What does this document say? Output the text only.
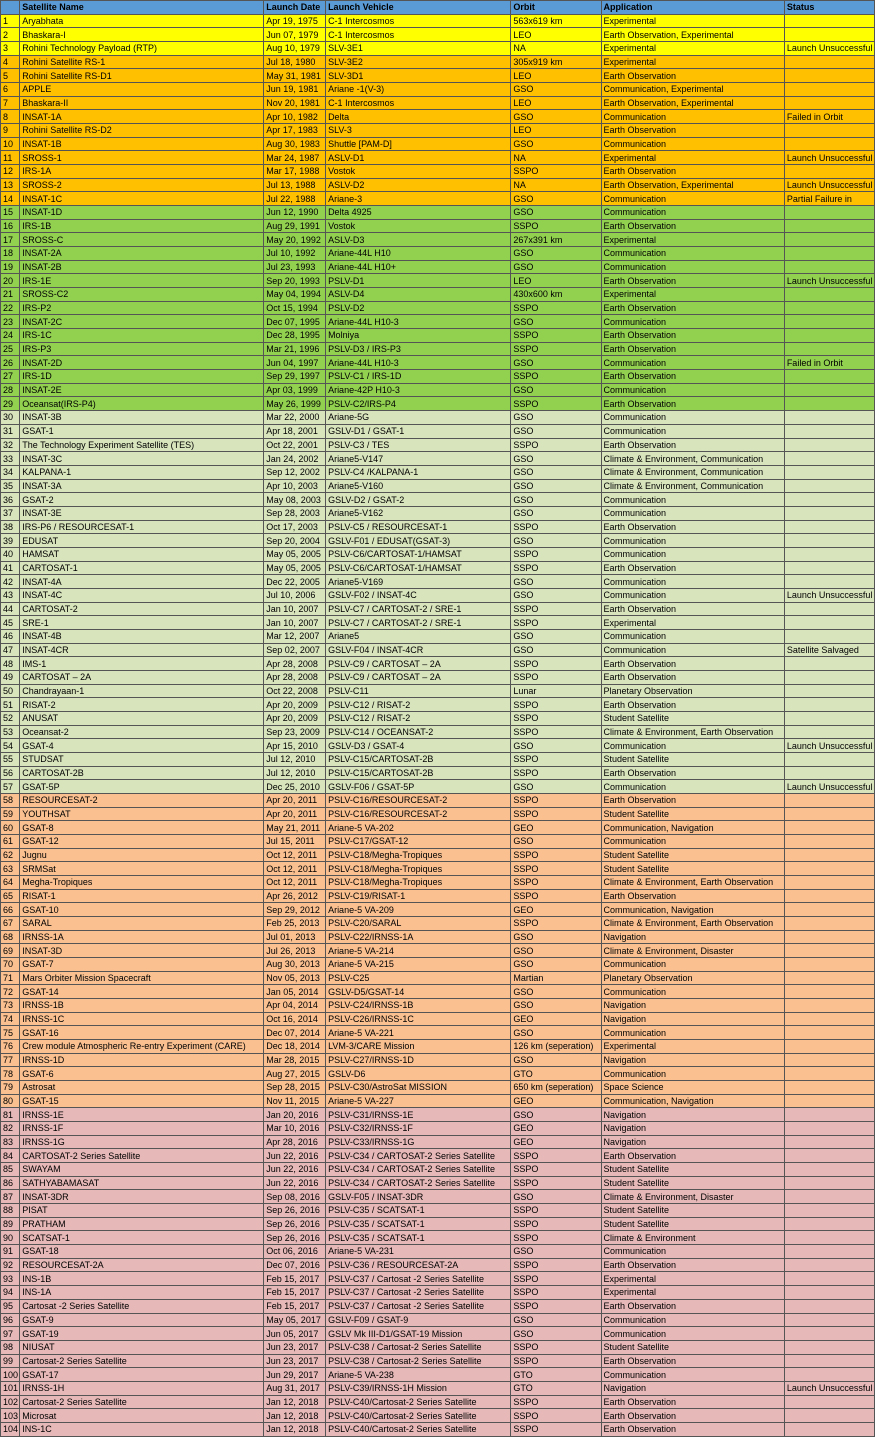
	Satellite Name	Launch Date	Launch Vehicle	Orbit	Application	Status
1	Aryabhata	Apr 19, 1975	C-1 Intercosmos	563x619 km	Experimental	
2	Bhaskara-I	Jun 07, 1979	C-1 Intercosmos	LEO	Earth Observation, Experimental	
3	Rohini Technology Payload (RTP)	Aug 10, 1979	SLV-3E1	NA	Experimental	Launch Unsuccessful
4	Rohini Satellite RS-1	Jul 18, 1980	SLV-3E2	305x919 km	Experimental	
5	Rohini Satellite RS-D1	May 31, 1981	SLV-3D1	LEO	Earth Observation	
6	APPLE	Jun 19, 1981	Ariane -1(V-3)	GSO	Communication, Experimental	
7	Bhaskara-II	Nov 20, 1981	C-1 Intercosmos	LEO	Earth Observation, Experimental	
8	INSAT-1A	Apr 10, 1982	Delta	GSO	Communication	Failed in Orbit
9	Rohini Satellite RS-D2	Apr 17, 1983	SLV-3	LEO	Earth Observation	
10	INSAT-1B	Aug 30, 1983	Shuttle [PAM-D]	GSO	Communication	
11	SROSS-1	Mar 24, 1987	ASLV-D1	NA	Experimental	Launch Unsuccessful
12	IRS-1A	Mar 17, 1988	Vostok	SSPO	Earth Observation	
13	SROSS-2	Jul 13, 1988	ASLV-D2	NA	Earth Observation, Experimental	Launch Unsuccessful
14	INSAT-1C	Jul 22, 1988	Ariane-3	GSO	Communication	Partial Failure in
15	INSAT-1D	Jun 12, 1990	Delta 4925	GSO	Communication	
16	IRS-1B	Aug 29, 1991	Vostok	SSPO	Earth Observation	
17	SROSS-C	May 20, 1992	ASLV-D3	267x391 km	Experimental	
18	INSAT-2A	Jul 10, 1992	Ariane-44L H10	GSO	Communication	
19	INSAT-2B	Jul 23, 1993	Ariane-44L H10+	GSO	Communication	
20	IRS-1E	Sep 20, 1993	PSLV-D1	LEO	Earth Observation	Launch Unsuccessful
21	SROSS-C2	May 04, 1994	ASLV-D4	430x600 km	Experimental	
22	IRS-P2	Oct 15, 1994	PSLV-D2	SSPO	Earth Observation	
23	INSAT-2C	Dec 07, 1995	Ariane-44L H10-3	GSO	Communication	
24	IRS-1C	Dec 28, 1995	Molniya	SSPO	Earth Observation	
25	IRS-P3	Mar 21, 1996	PSLV-D3 / IRS-P3	SSPO	Earth Observation	
26	INSAT-2D	Jun 04, 1997	Ariane-44L H10-3	GSO	Communication	Failed in Orbit
27	IRS-1D	Sep 29, 1997	PSLV-C1 / IRS-1D	SSPO	Earth Observation	
28	INSAT-2E	Apr 03, 1999	Ariane-42P H10-3	GSO	Communication	
29	Oceansat(IRS-P4)	May 26, 1999	PSLV-C2/IRS-P4	SSPO	Earth Observation	
30	INSAT-3B	Mar 22, 2000	Ariane-5G	GSO	Communication	
31	GSAT-1	Apr 18, 2001	GSLV-D1 / GSAT-1	GSO	Communication	
32	The Technology Experiment Satellite (TES)	Oct 22, 2001	PSLV-C3 / TES	SSPO	Earth Observation	
33	INSAT-3C	Jan 24, 2002	Ariane5-V147	GSO	Climate & Environment, Communication	
34	KALPANA-1	Sep 12, 2002	PSLV-C4 /KALPANA-1	GSO	Climate & Environment, Communication	
35	INSAT-3A	Apr 10, 2003	Ariane5-V160	GSO	Climate & Environment, Communication	
36	GSAT-2	May 08, 2003	GSLV-D2 / GSAT-2	GSO	Communication	
37	INSAT-3E	Sep 28, 2003	Ariane5-V162	GSO	Communication	
38	IRS-P6 / RESOURCESAT-1	Oct 17, 2003	PSLV-C5 / RESOURCESAT-1	SSPO	Earth Observation	
39	EDUSAT	Sep 20, 2004	GSLV-F01 / EDUSAT(GSAT-3)	GSO	Communication	
40	HAMSAT	May 05, 2005	PSLV-C6/CARTOSAT-1/HAMSAT	SSPO	Communication	
41	CARTOSAT-1	May 05, 2005	PSLV-C6/CARTOSAT-1/HAMSAT	SSPO	Earth Observation	
42	INSAT-4A	Dec 22, 2005	Ariane5-V169	GSO	Communication	
43	INSAT-4C	Jul 10, 2006	GSLV-F02 / INSAT-4C	GSO	Communication	Launch Unsuccessful
44	CARTOSAT-2	Jan 10, 2007	PSLV-C7 / CARTOSAT-2 / SRE-1	SSPO	Earth Observation	
45	SRE-1	Jan 10, 2007	PSLV-C7 / CARTOSAT-2 / SRE-1	SSPO	Experimental	
46	INSAT-4B	Mar 12, 2007	Ariane5	GSO	Communication	
47	INSAT-4CR	Sep 02, 2007	GSLV-F04 / INSAT-4CR	GSO	Communication	Satellite Salvaged
48	IMS-1	Apr 28, 2008	PSLV-C9 / CARTOSAT – 2A	SSPO	Earth Observation	
49	CARTOSAT – 2A	Apr 28, 2008	PSLV-C9 / CARTOSAT – 2A	SSPO	Earth Observation	
50	Chandrayaan-1	Oct 22, 2008	PSLV-C11	Lunar	Planetary Observation	
51	RISAT-2	Apr 20, 2009	PSLV-C12 / RISAT-2	SSPO	Earth Observation	
52	ANUSAT	Apr 20, 2009	PSLV-C12 / RISAT-2	SSPO	Student Satellite	
53	Oceansat-2	Sep 23, 2009	PSLV-C14 / OCEANSAT-2	SSPO	Climate & Environment, Earth Observation	
54	GSAT-4	Apr 15, 2010	GSLV-D3 / GSAT-4	GSO	Communication	Launch Unsuccessful
55	STUDSAT	Jul 12, 2010	PSLV-C15/CARTOSAT-2B	SSPO	Student Satellite	
56	CARTOSAT-2B	Jul 12, 2010	PSLV-C15/CARTOSAT-2B	SSPO	Earth Observation	
57	GSAT-5P	Dec 25, 2010	GSLV-F06 / GSAT-5P	GSO	Communication	Launch Unsuccessful
58	RESOURCESAT-2	Apr 20, 2011	PSLV-C16/RESOURCESAT-2	SSPO	Earth Observation	
59	YOUTHSAT	Apr 20, 2011	PSLV-C16/RESOURCESAT-2	SSPO	Student Satellite	
60	GSAT-8	May 21, 2011	Ariane-5 VA-202	GEO	Communication, Navigation	
61	GSAT-12	Jul 15, 2011	PSLV-C17/GSAT-12	GSO	Communication	
62	Jugnu	Oct 12, 2011	PSLV-C18/Megha-Tropiques	SSPO	Student Satellite	
63	SRMSat	Oct 12, 2011	PSLV-C18/Megha-Tropiques	SSPO	Student Satellite	
64	Megha-Tropiques	Oct 12, 2011	PSLV-C18/Megha-Tropiques	SSPO	Climate & Environment, Earth Observation	
65	RISAT-1	Apr 26, 2012	PSLV-C19/RISAT-1	SSPO	Earth Observation	
66	GSAT-10	Sep 29, 2012	Ariane-5 VA-209	GEO	Communication, Navigation	
67	SARAL	Feb 25, 2013	PSLV-C20/SARAL	SSPO	Climate & Environment, Earth Observation	
68	IRNSS-1A	Jul 01, 2013	PSLV-C22/IRNSS-1A	GSO	Navigation	
69	INSAT-3D	Jul 26, 2013	Ariane-5 VA-214	GSO	Climate & Environment, Disaster	
70	GSAT-7	Aug 30, 2013	Ariane-5 VA-215	GSO	Communication	
71	Mars Orbiter Mission Spacecraft	Nov 05, 2013	PSLV-C25	Martian	Planetary Observation	
72	GSAT-14	Jan 05, 2014	GSLV-D5/GSAT-14	GSO	Communication	
73	IRNSS-1B	Apr 04, 2014	PSLV-C24/IRNSS-1B	GSO	Navigation	
74	IRNSS-1C	Oct 16, 2014	PSLV-C26/IRNSS-1C	GEO	Navigation	
75	GSAT-16	Dec 07, 2014	Ariane-5 VA-221	GSO	Communication	
76	Crew module Atmospheric Re-entry Experiment (CARE)	Dec 18, 2014	LVM-3/CARE Mission	126 km (seperation)	Experimental	
77	IRNSS-1D	Mar 28, 2015	PSLV-C27/IRNSS-1D	GSO	Navigation	
78	GSAT-6	Aug 27, 2015	GSLV-D6	GTO	Communication	
79	Astrosat	Sep 28, 2015	PSLV-C30/AstroSat MISSION	650 km (seperation)	Space Science	
80	GSAT-15	Nov 11, 2015	Ariane-5 VA-227	GEO	Communication, Navigation	
81	IRNSS-1E	Jan 20, 2016	PSLV-C31/IRNSS-1E	GSO	Navigation	
82	IRNSS-1F	Mar 10, 2016	PSLV-C32/IRNSS-1F	GEO	Navigation	
83	IRNSS-1G	Apr 28, 2016	PSLV-C33/IRNSS-1G	GEO	Navigation	
84	CARTOSAT-2 Series Satellite	Jun 22, 2016	PSLV-C34 / CARTOSAT-2 Series Satellite	SSPO	Earth Observation	
85	SWAYAM	Jun 22, 2016	PSLV-C34 / CARTOSAT-2 Series Satellite	SSPO	Student Satellite	
86	SATHYABAMASAT	Jun 22, 2016	PSLV-C34 / CARTOSAT-2 Series Satellite	SSPO	Student Satellite	
87	INSAT-3DR	Sep 08, 2016	GSLV-F05 / INSAT-3DR	GSO	Climate & Environment, Disaster	
88	PISAT	Sep 26, 2016	PSLV-C35 / SCATSAT-1	SSPO	Student Satellite	
89	PRATHAM	Sep 26, 2016	PSLV-C35 / SCATSAT-1	SSPO	Student Satellite	
90	SCATSAT-1	Sep 26, 2016	PSLV-C35 / SCATSAT-1	SSPO	Climate & Environment	
91	GSAT-18	Oct 06, 2016	Ariane-5 VA-231	GSO	Communication	
92	RESOURCESAT-2A	Dec 07, 2016	PSLV-C36 / RESOURCESAT-2A	SSPO	Earth Observation	
93	INS-1B	Feb 15, 2017	PSLV-C37 / Cartosat -2 Series Satellite	SSPO	Experimental	
94	INS-1A	Feb 15, 2017	PSLV-C37 / Cartosat -2 Series Satellite	SSPO	Experimental	
95	Cartosat -2 Series Satellite	Feb 15, 2017	PSLV-C37 / Cartosat -2 Series Satellite	SSPO	Earth Observation	
96	GSAT-9	May 05, 2017	GSLV-F09 / GSAT-9	GSO	Communication	
97	GSAT-19	Jun 05, 2017	GSLV Mk III-D1/GSAT-19 Mission	GSO	Communication	
98	NIUSAT	Jun 23, 2017	PSLV-C38 / Cartosat-2 Series Satellite	SSPO	Student Satellite	
99	Cartosat-2 Series Satellite	Jun 23, 2017	PSLV-C38 / Cartosat-2 Series Satellite	SSPO	Earth Observation	
100	GSAT-17	Jun 29, 2017	Ariane-5 VA-238	GTO	Communication	
101	IRNSS-1H	Aug 31, 2017	PSLV-C39/IRNSS-1H Mission	GTO	Navigation	Launch Unsuccessful
102	Cartosat-2 Series Satellite	Jan 12, 2018	PSLV-C40/Cartosat-2 Series Satellite	SSPO	Earth Observation	
103	Microsat	Jan 12, 2018	PSLV-C40/Cartosat-2 Series Satellite	SSPO	Earth Observation	
104	INS-1C	Jan 12, 2018	PSLV-C40/Cartosat-2 Series Satellite	SSPO	Earth Observation	
